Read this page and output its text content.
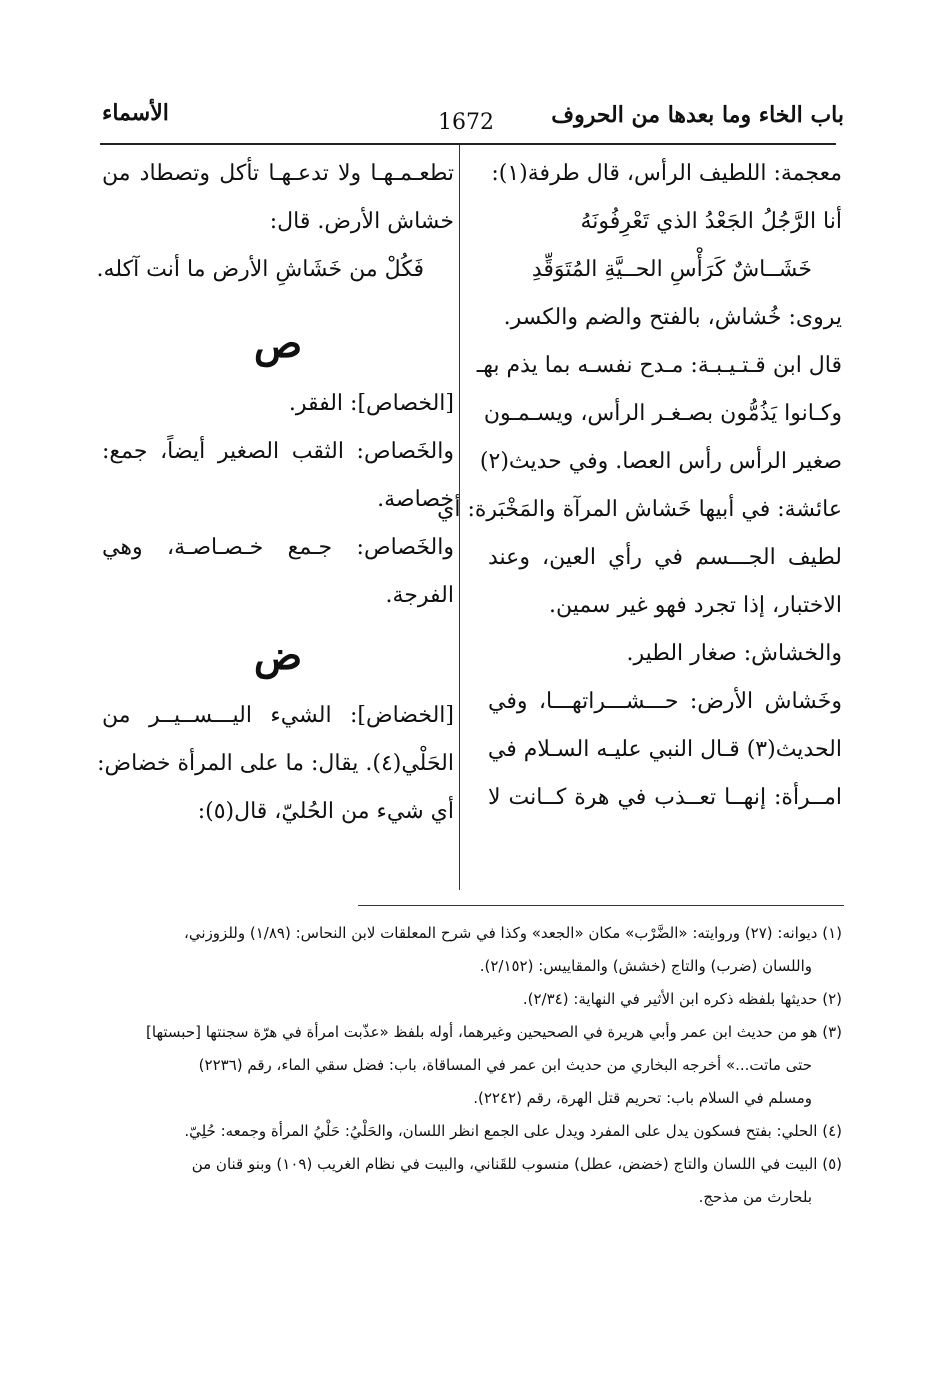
باب الخاء وما بعدها من الحروف
1672
الأسماء
معجمة: اللطيف الرأس، قال طرفة(١):
أنا الرَّجُلُ الجَعْدُ الذي تَعْرِفُونَهُ
خَشَــاشٌ كَرَأْسِ الحــيَّةِ المُتَوَقِّدِ
يروى: خُشاش، بالفتح والضم والكسر.
قال ابن قـتـيـبـة: مـدح نفسـه بما يذم بهـ
وكـانوا يَذُمُّون بصـغـر الرأس، ويسـمـون
صغير الرأس رأس العصا. وفي حديث(٢)
عائشة: في أبيها خَشاش المرآة والمَخْبَرة: أي
لطيف الجـــسم في رأي العين، وعند
الاختبار، إذا تجرد فهو غير سمين.
والخشاش: صغار الطير.
وخَشاش الأرض: حـــشـــراتهـــا، وفي
الحديث(٣) قـال النبي عليـه السـلام في
امــرأة: إنهــا تعــذب في هرة كــانت لا
تطعـمـهـا ولا تدعـهـا تأكل وتصطاد من
خشاش الأرض. قال:
فَكُلْ من خَشَاشِ الأرض ما أنت آكله.
ص
[الخصاص]: الفقر.
والخَصاص: الثقب الصغير أيضاً، جمع:
خصاصة.
والخَصاص: جـمع خـصـاصـة، وهي
الفرجة.
ض
[الخضاض]: الشيء اليـــســيــر من
الحَلْي(٤). يقال: ما على المرأة خضاض:
أي شيء من الحُليّ، قال(٥):
(١) ديوانه: (٢٧) وروايته: «الضَّرْب» مكان «الجعد» وكذا في شرح المعلقات لابن النحاس: (١/٨٩) وللزوزني،
واللسان (ضرب) والتاج (خشش) والمقاييس: (٢/١٥٢).
(٢) حديثها بلفظه ذكره ابن الأثير في النهاية: (٢/٣٤).
(٣) هو من حديث ابن عمر وأبي هريرة في الصحيحين وغيرهما، أوله بلفظ «عذّبت امرأة في هرّة سجنتها [حبستها]
حتى ماتت...» أخرجه البخاري من حديث ابن عمر في المساقاة، باب: فضل سقي الماء، رقم (٢٢٣٦)
ومسلم في السلام باب: تحريم قتل الهرة، رقم (٢٢٤٢).
(٤) الحلي: بفتح فسكون يدل على المفرد ويدل على الجمع انظر اللسان، والحَلْيُ: حَلْيُ المرأة وجمعه: حُلِيّ.
(٥) البيت في اللسان والتاج (خضض، عطل) منسوب للقَناني، والبيت في نظام الغريب (١٠٩) وبنو قنان من
بلحارث من مذحج.
